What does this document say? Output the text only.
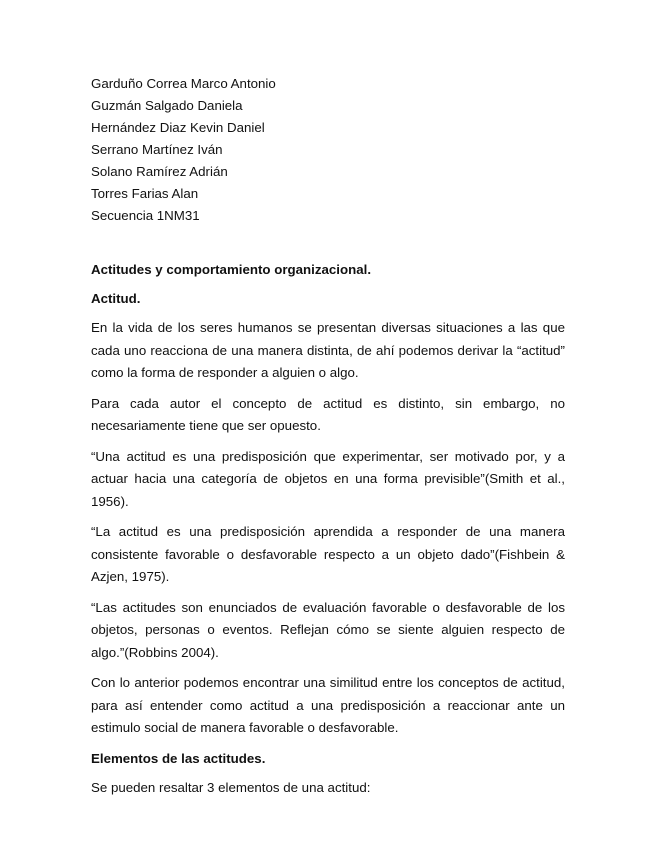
Garduño Correa Marco Antonio
Guzmán Salgado Daniela
Hernández Diaz Kevin Daniel
Serrano Martínez Iván
Solano Ramírez Adrián
Torres Farias Alan
Secuencia 1NM31
Actitudes y comportamiento organizacional.
Actitud.

En la vida de los seres humanos se presentan diversas situaciones a las que cada uno reacciona de una manera distinta, de ahí podemos derivar la “actitud” como la forma de responder a alguien o algo.

Para cada autor el concepto de actitud es distinto, sin embargo, no necesariamente tiene que ser opuesto.

“Una actitud es una predisposición que experimentar, ser motivado por, y a actuar hacia una categoría de objetos en una forma previsible”(Smith et al., 1956).

“La actitud es una predisposición aprendida a responder de una manera consistente favorable o desfavorable respecto a un objeto dado”(Fishbein & Azjen, 1975).

“Las actitudes son enunciados de evaluación favorable o desfavorable de los objetos, personas o eventos. Reflejan cómo se siente alguien respecto de algo.”(Robbins 2004).

Con lo anterior podemos encontrar una similitud entre los conceptos de actitud, para así entender como actitud a una predisposición a reaccionar ante un estimulo social de manera favorable o desfavorable.

Elementos de las actitudes.

Se pueden resaltar 3 elementos de una actitud:
